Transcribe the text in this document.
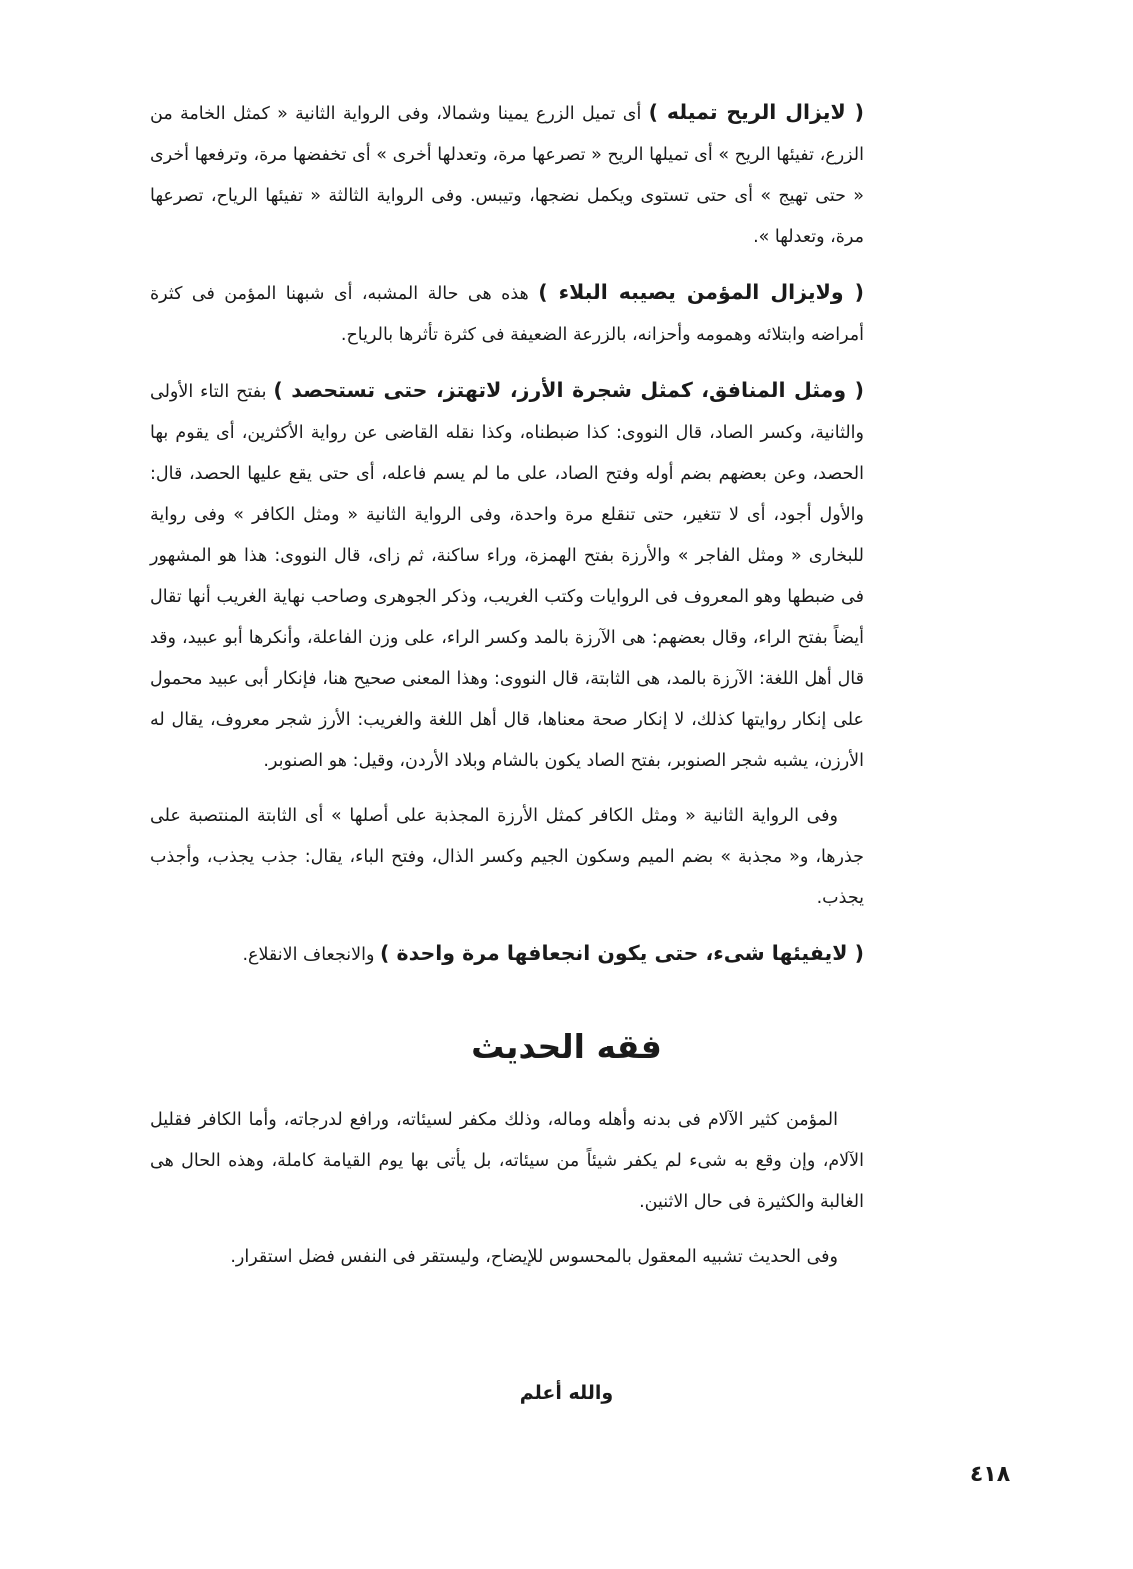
( لايزال الريح تميله ) أى تميل الزرع يمينا وشمالا، وفى الرواية الثانية « كمثل الخامة من الزرع، تفيئها الريح » أى تميلها الريح « تصرعها مرة، وتعدلها أخرى » أى تخفضها مرة، وترفعها أخرى « حتى تهيج » أى حتى تستوى ويكمل نضجها، وتيبس. وفى الرواية الثالثة « تفيئها الرياح، تصرعها مرة، وتعدلها ».

( ولايزال المؤمن يصيبه البلاء ) هذه هى حالة المشبه، أى شبهنا المؤمن فى كثرة أمراضه وابتلائه وهمومه وأحزانه، بالزرعة الضعيفة فى كثرة تأثرها بالرياح.

( ومثل المنافق، كمثل شجرة الأرز، لاتهتز، حتى تستحصد ) بفتح التاء الأولى والثانية، وكسر الصاد، قال النووى: كذا ضبطناه، وكذا نقله القاضى عن رواية الأكثرين، أى يقوم بها الحصد، وعن بعضهم بضم أوله وفتح الصاد، على ما لم يسم فاعله، أى حتى يقع عليها الحصد، قال: والأول أجود، أى لا تتغير، حتى تنقلع مرة واحدة، وفى الرواية الثانية « ومثل الكافر » وفى رواية للبخارى « ومثل الفاجر » والأرزة بفتح الهمزة، وراء ساكنة، ثم زاى، قال النووى: هذا هو المشهور فى ضبطها وهو المعروف فى الروايات وكتب الغريب، وذكر الجوهرى وصاحب نهاية الغريب أنها تقال أيضاً بفتح الراء، وقال بعضهم: هى الآرزة بالمد وكسر الراء، على وزن الفاعلة، وأنكرها أبو عبيد، وقد قال أهل اللغة: الآرزة بالمد، هى الثابتة، قال النووى: وهذا المعنى صحيح هنا، فإنكار أبى عبيد محمول على إنكار روايتها كذلك، لا إنكار صحة معناها، قال أهل اللغة والغريب: الأرز شجر معروف، يقال له الأرزن، يشبه شجر الصنوبر، بفتح الصاد يكون بالشام وبلاد الأردن، وقيل: هو الصنوبر.

وفى الرواية الثانية « ومثل الكافر كمثل الأرزة المجذبة على أصلها » أى الثابتة المنتصبة على جذرها، و« مجذبة » بضم الميم وسكون الجيم وكسر الذال، وفتح الباء، يقال: جذب يجذب، وأجذب يجذب.

( لايفيئها شىء، حتى يكون انجعافها مرة واحدة ) والانجعاف الانقلاع.

فقه الحديث

المؤمن كثير الآلام فى بدنه وأهله وماله، وذلك مكفر لسيئاته، ورافع لدرجاته، وأما الكافر فقليل الآلام، وإن وقع به شىء لم يكفر شيئاً من سيئاته، بل يأتى بها يوم القيامة كاملة، وهذه الحال هى الغالبة والكثيرة فى حال الاثنين.

وفى الحديث تشبيه المعقول بالمحسوس للإيضاح، وليستقر فى النفس فضل استقرار.

والله أعلم

٤١٨
